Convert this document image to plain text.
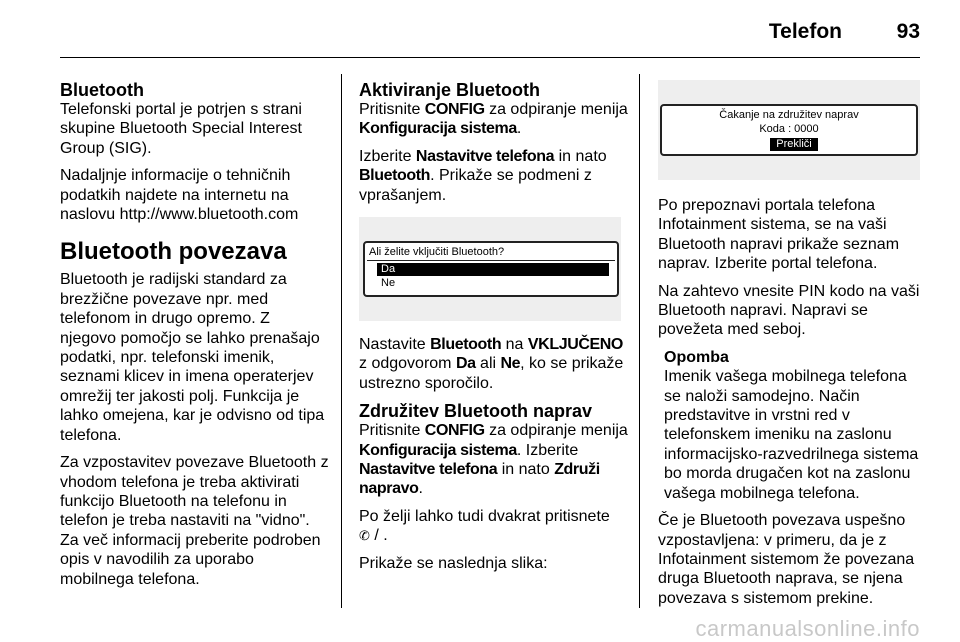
Telefon	93
Bluetooth

Telefonski portal je potrjen s strani skupine Bluetooth Special Interest Group (SIG).

Nadaljnje informacije o tehničnih podatkih najdete na internetu na naslovu http://www.bluetooth.com

Bluetooth povezava

Bluetooth je radijski standard za brezžične povezave npr. med telefonom in drugo opremo. Z njegovo pomočjo se lahko prenašajo podatki, npr. telefonski imenik, seznami klicev in imena operaterjev omrežij ter jakosti polj. Funkcija je lahko omejena, kar je odvisno od tipa telefona.

Za vzpostavitev povezave Bluetooth z vhodom telefona je treba aktivirati funkcijo Bluetooth na telefonu in telefon je treba nastaviti na "vidno". Za več informacij preberite podroben opis v navodilih za uporabo mobilnega telefona.

Aktiviranje Bluetooth

Pritisnite CONFIG za odpiranje menija Konfiguracija sistema.

Izberite Nastavitve telefona in nato Bluetooth. Prikaže se podmeni z vprašanjem.

Ali želite vključiti Bluetooth?
Da
Ne

Nastavite Bluetooth na VKLJUČENO z odgovorom Da ali Ne, ko se prikaže ustrezno sporočilo.

Združitev Bluetooth naprav

Pritisnite CONFIG za odpiranje menija Konfiguracija sistema. Izberite Nastavitve telefona in nato Združi napravo.

Po želji lahko tudi dvakrat pritisnete
✆ / .

Prikaže se naslednja slika:

Čakanje na združitev naprav
Koda : 0000
Prekliči

Po prepoznavi portala telefona Infotainment sistema, se na vaši Bluetooth napravi prikaže seznam naprav. Izberite portal telefona.

Na zahtevo vnesite PIN kodo na vaši Bluetooth napravi. Napravi se povežeta med seboj.

Opomba

Imenik vašega mobilnega telefona se naloži samodejno. Način predstavitve in vrstni red v telefonskem imeniku na zaslonu informacijsko-razvedrilnega sistema bo morda drugačen kot na zaslonu vašega mobilnega telefona.

Če je Bluetooth povezava uspešno vzpostavljena: v primeru, da je z Infotainment sistemom že povezana druga Bluetooth naprava, se njena povezava s sistemom prekine.

carmanualsonline.info
